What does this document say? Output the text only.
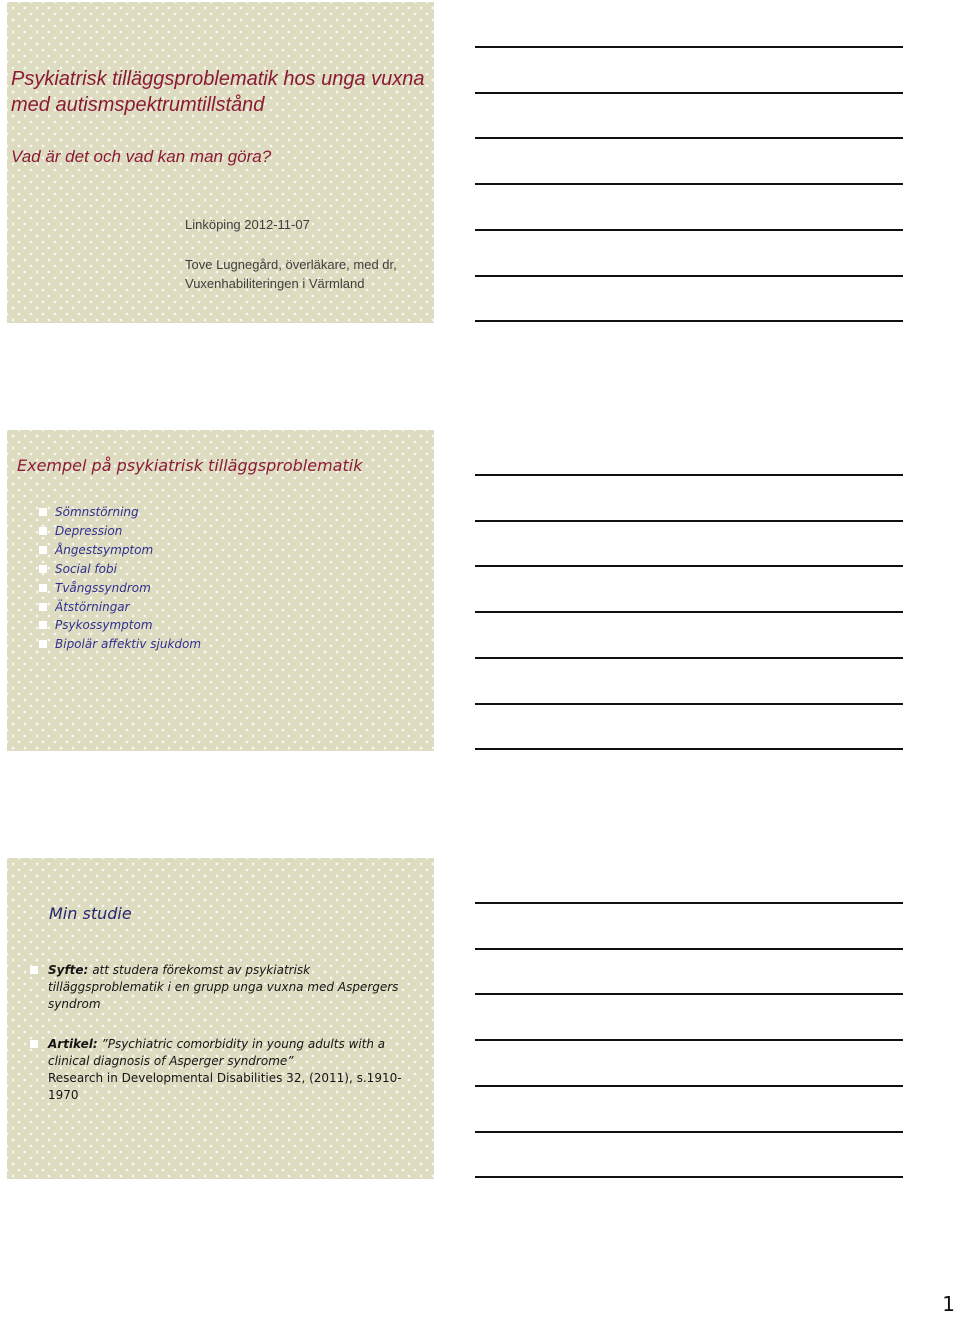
Psykiatrisk tilläggsproblematik hos unga vuxna med autismspektrumtillstånd
Vad är det och vad kan man göra?
Linköping 2012-11-07
Tove Lugnegård, överläkare, med dr,
Vuxenhabiliteringen i Värmland
Exempel på psykiatrisk tilläggsproblematik
Sömnstörning
Depression
Ångestsymptom
Social fobi
Tvångssyndrom
Ätstörningar
Psykossymptom
Bipolär affektiv sjukdom
Min studie
Syfte: att studera förekomst av psykiatrisk tilläggsproblematik i en grupp unga vuxna med Aspergers syndrom
Artikel: ”Psychiatric comorbidity in young adults with a clinical diagnosis of Asperger syndrome”
Research in Developmental Disabilities 32, (2011), s.1910-1970
1
